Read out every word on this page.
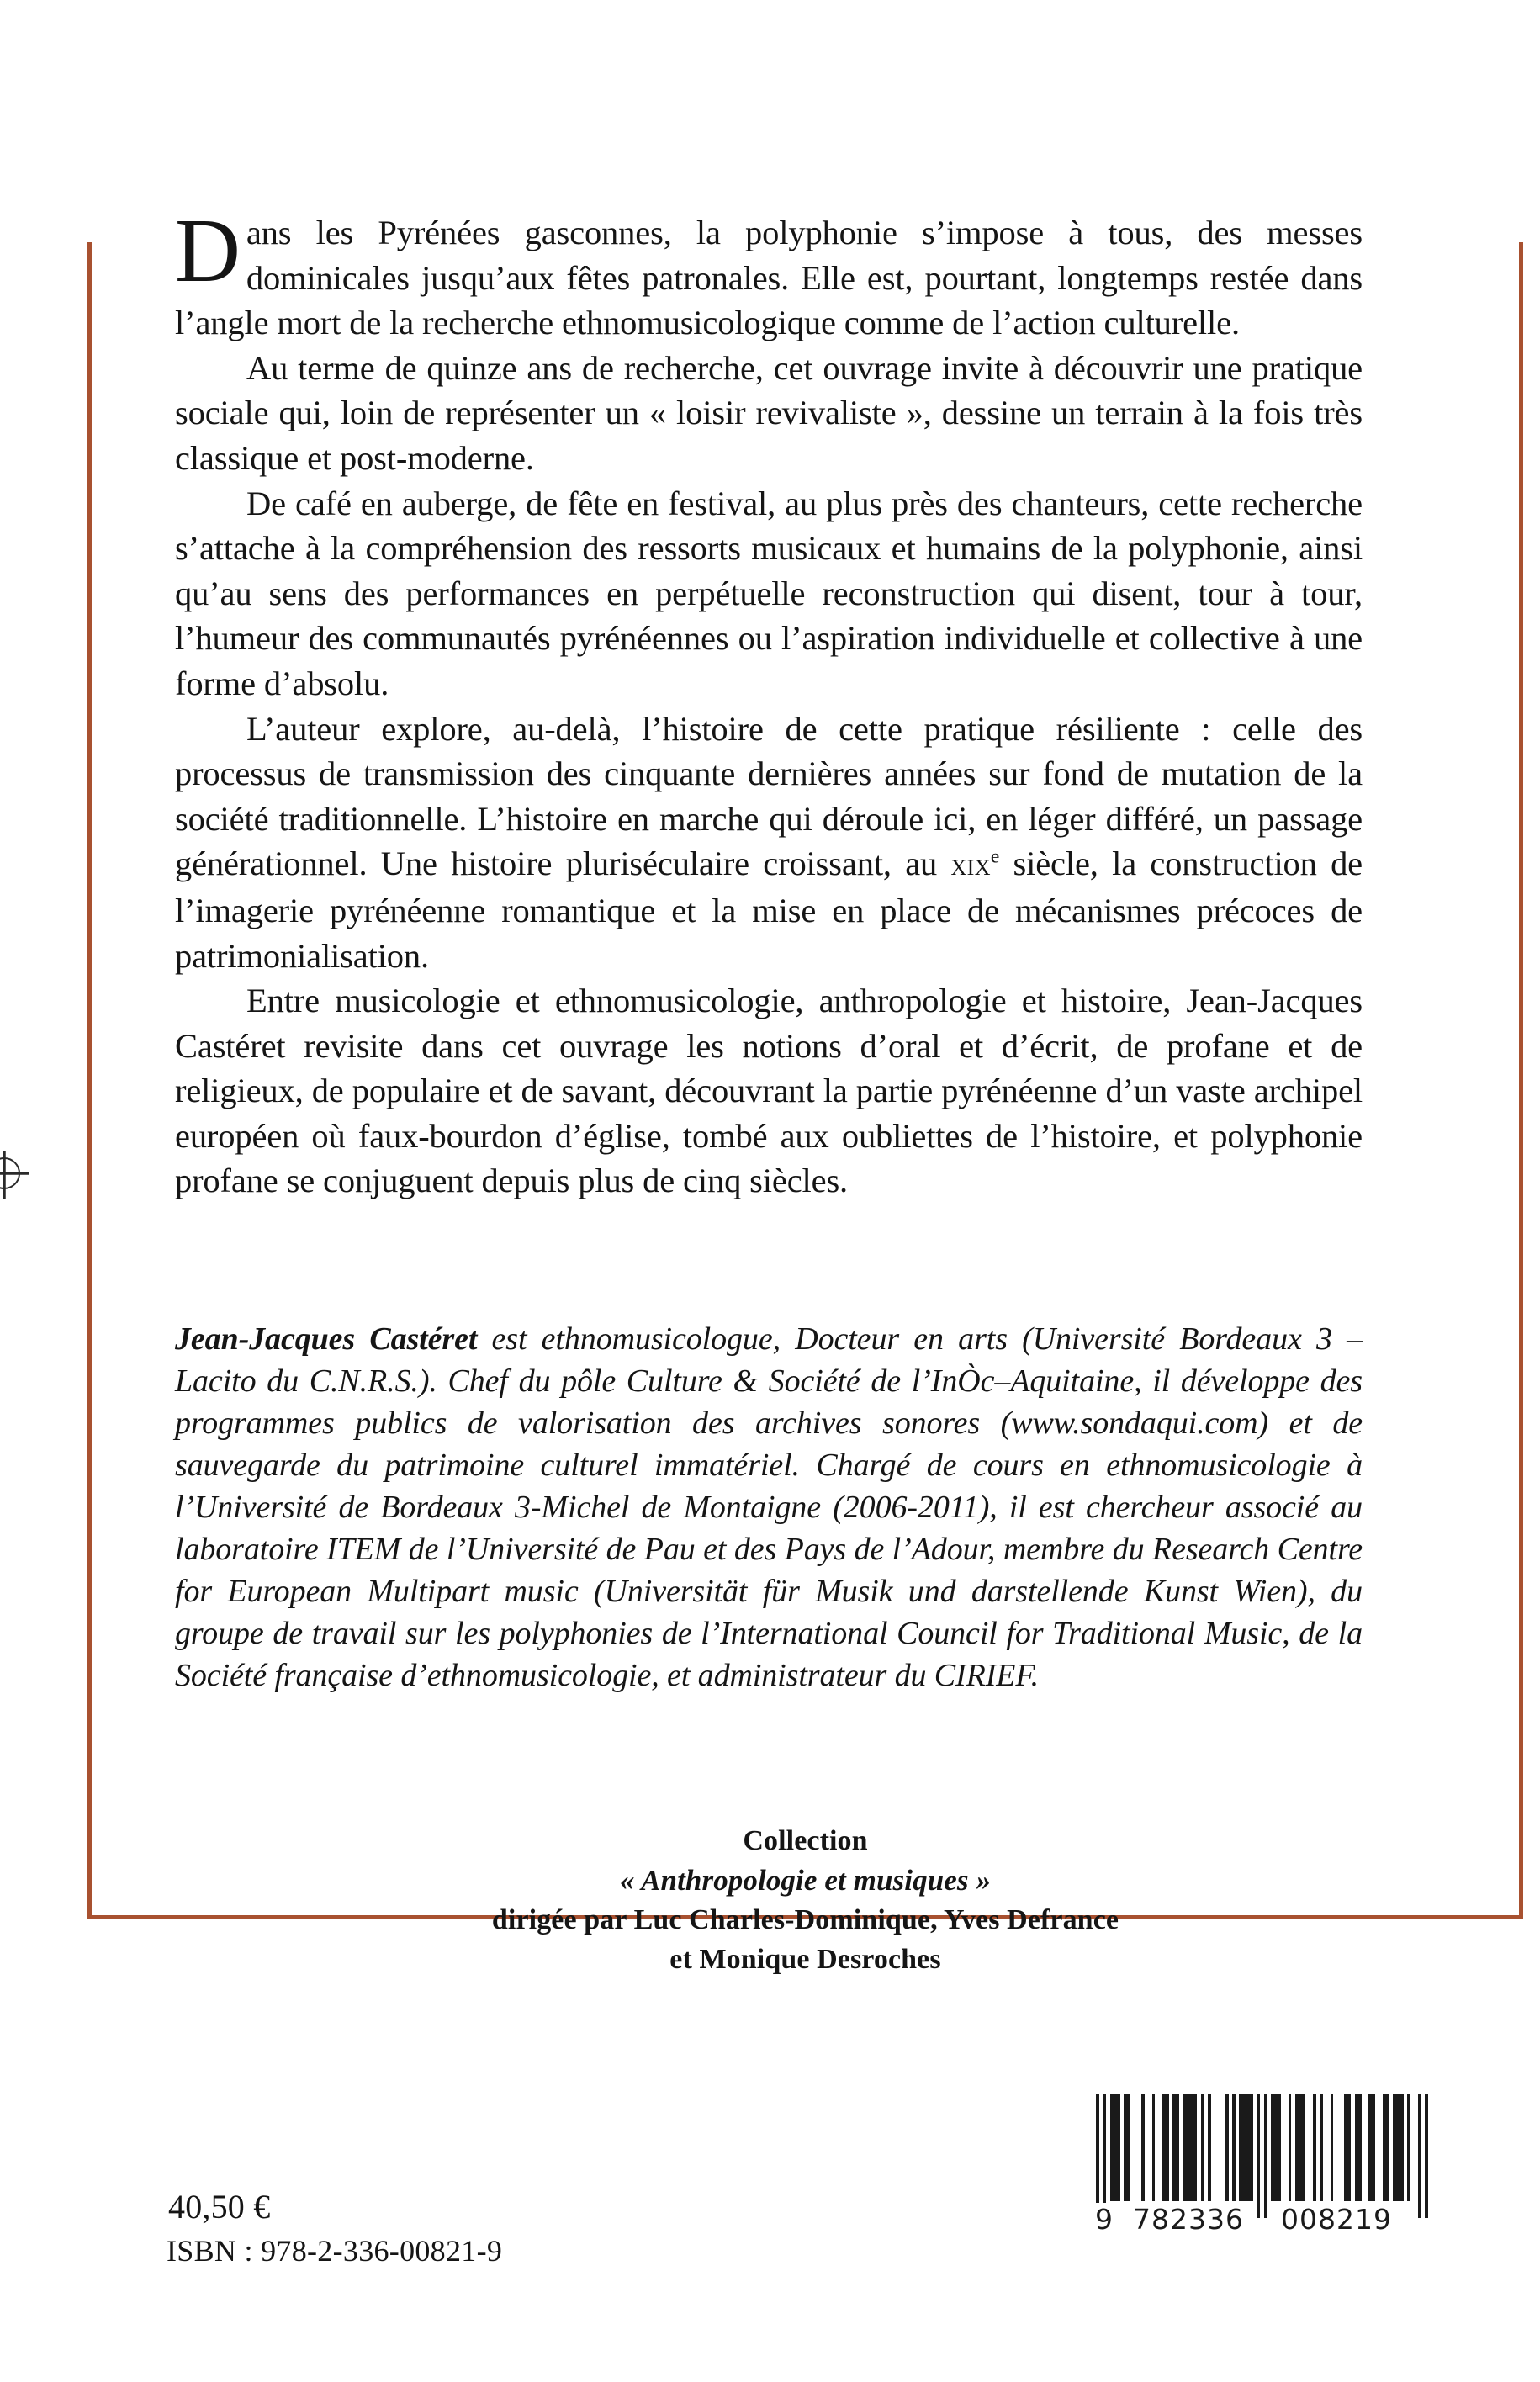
Dans les Pyrénées gasconnes, la polyphonie s’impose à tous, des messes dominicales jusqu’aux fêtes patronales. Elle est, pourtant, longtemps restée dans l’angle mort de la recherche ethnomusicologique comme de l’action culturelle.

Au terme de quinze ans de recherche, cet ouvrage invite à découvrir une pratique sociale qui, loin de représenter un « loisir revivaliste », dessine un terrain à la fois très classique et post-moderne.

De café en auberge, de fête en festival, au plus près des chanteurs, cette recherche s’attache à la compréhension des ressorts musicaux et humains de la polyphonie, ainsi qu’au sens des performances en perpétuelle reconstruction qui disent, tour à tour, l’humeur des communautés pyrénéennes ou l’aspiration individuelle et collective à une forme d’absolu.

L’auteur explore, au-delà, l’histoire de cette pratique résiliente : celle des processus de transmission des cinquante dernières années sur fond de mutation de la société traditionnelle. L’histoire en marche qui déroule ici, en léger différé, un passage générationnel. Une histoire pluriséculaire croissant, au xix$^e$ siècle, la construction de l’imagerie pyrénéenne romantique et la mise en place de mécanismes précoces de patrimonialisation.

Entre musicologie et ethnomusicologie, anthropologie et histoire, Jean-Jacques Castéret revisite dans cet ouvrage les notions d’oral et d’écrit, de profane et de religieux, de populaire et de savant, découvrant la partie pyrénéenne d’un vaste archipel européen où faux-bourdon d’église, tombé aux oubliettes de l’histoire, et polyphonie profane se conjuguent depuis plus de cinq siècles.

Jean-Jacques Castéret est ethnomusicologue, Docteur en arts (Université Bordeaux 3 – Lacito du C.N.R.S.). Chef du pôle Culture & Société de l’InÒc–Aquitaine, il développe des programmes publics de valorisation des archives sonores (www.sondaqui.com) et de sauvegarde du patrimoine culturel immatériel. Chargé de cours en ethnomusicologie à l’Université de Bordeaux 3-Michel de Montaigne (2006-2011), il est chercheur associé au laboratoire ITEM de l’Université de Pau et des Pays de l’Adour, membre du Research Centre for European Multipart music (Universität für Musik und darstellende Kunst Wien), du groupe de travail sur les polyphonies de l’International Council for Traditional Music, de la Société française d’ethnomusicologie, et administrateur du CIRIEF.

Collection
« Anthropologie et musiques »
dirigée par Luc Charles-Dominique, Yves Defrance
et Monique Desroches
40,50 €
ISBN : 978-2-336-00821-9
9 782336 008219
